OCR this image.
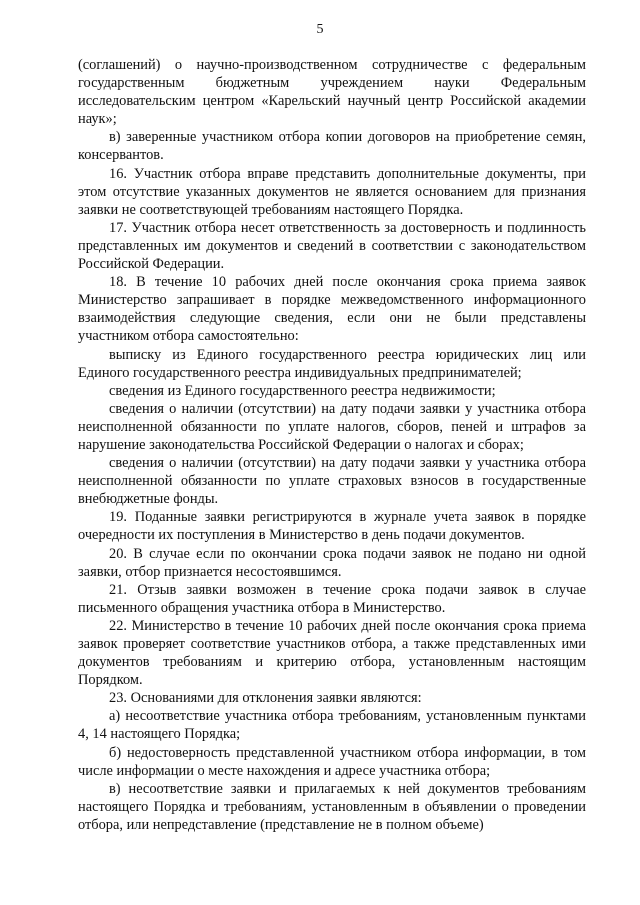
5

(соглашений) о научно-производственном сотрудничестве с федеральным государственным бюджетным учреждением науки Федеральным исследовательским центром «Карельский научный центр Российской академии наук»;

в) заверенные участником отбора копии договоров на приобретение семян, консервантов.

16. Участник отбора вправе представить дополнительные документы, при этом отсутствие указанных документов не является основанием для признания заявки не соответствующей требованиям настоящего Порядка.

17. Участник отбора несет ответственность за достоверность и подлинность представленных им документов и сведений в соответствии с законодательством Российской Федерации.

18. В течение 10 рабочих дней после окончания срока приема заявок Министерство запрашивает в порядке межведомственного информационного взаимодействия следующие сведения, если они не были представлены участником отбора самостоятельно:

выписку из Единого государственного реестра юридических лиц или Единого государственного реестра индивидуальных предпринимателей;

сведения из Единого государственного реестра недвижимости;

сведения о наличии (отсутствии) на дату подачи заявки у участника отбора неисполненной обязанности по уплате налогов, сборов, пеней и штрафов за нарушение законодательства Российской Федерации о налогах и сборах;

сведения о наличии (отсутствии) на дату подачи заявки у участника отбора неисполненной обязанности по уплате страховых взносов в государственные внебюджетные фонды.

19. Поданные заявки регистрируются в журнале учета заявок в порядке очередности их поступления в Министерство в день подачи документов.

20. В случае если по окончании срока подачи заявок не подано ни одной заявки, отбор признается несостоявшимся.

21. Отзыв заявки возможен в течение срока подачи заявок в случае письменного обращения участника отбора в Министерство.

22. Министерство в течение 10 рабочих дней после окончания срока приема заявок проверяет соответствие участников отбора, а также представленных ими документов требованиям и критерию отбора, установленным настоящим Порядком.

23. Основаниями для отклонения заявки являются:

а) несоответствие участника отбора требованиям, установленным пунктами 4, 14 настоящего Порядка;

б) недостоверность представленной участником отбора информации, в том числе информации о месте нахождения и адресе участника отбора;

в) несоответствие заявки и прилагаемых к ней документов требованиям настоящего Порядка и требованиям, установленным в объявлении о проведении отбора, или непредставление (представление не в полном объеме)
